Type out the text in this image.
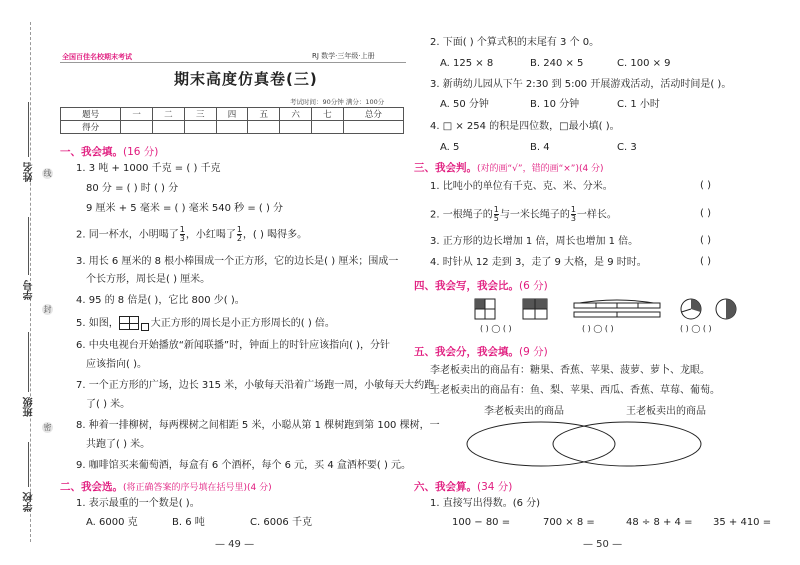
姓名
学号
班级
学校
线
封
密
全国百佳名校期末考试	RJ 数学·三年级·上册
期末高度仿真卷(三)
考试时间：90分钟 满分：100分
题号	一	二	三	四	五	六	七	总分
得分								
一、我会填。(16 分)
1. 3 吨 + 1000 千克 = ( ) 千克
80 分 = ( ) 时 ( ) 分
9 厘米 + 5 毫米 = ( ) 毫米 540 秒 = ( ) 分
2. 同一杯水，小明喝了 $\frac{1}{3}$ ，小红喝了 $\frac{1}{2}$ ，( ) 喝得多。
3. 用长 6 厘米的 8 根小棒围成一个正方形，它的边长是( ) 厘米；围成一
个长方形，周长是( ) 厘米。
4. 95 的 8 倍是( )，它比 800 少( )。
5. 如图，	大正方形的周长是小正方形周长的( ) 倍。
6. 中央电视台开始播放“新闻联播”时，钟面上的时针应该指向( )，分针
应该指向( )。
7. 一个正方形的广场，边长 315 米，小敏每天沿着广场跑一周，小敏每天大约跑
了( ) 米。
8. 种着一排柳树，每两棵树之间相距 5 米，小聪从第 1 棵树跑到第 100 棵树，一
共跑了( ) 米。
9. 咖啡馆买来葡萄酒，每盒有 6 个酒杯，每个 6 元，买 4 盒酒杯要( ) 元。
二、我会选。(将正确答案的序号填在括号里)(4 分)
1. 表示最重的一个数是( )。
A. 6000 克	B. 6 吨	C. 6006 千克
— 49 —
2. 下面( ) 个算式积的末尾有 3 个 0。
A. 125 × 8	B. 240 × 5	C. 100 × 9
3. 新萌幼儿园从下午 2:30 到 5:00 开展游戏活动，活动时间是( )。
A. 50 分钟	B. 10 分钟	C. 1 小时
4. □ × 254 的积是四位数，□最小填( )。
A. 5	B. 4	C. 3
三、我会判。(对的画“√”，错的画“×”)(4 分)
1. 比吨小的单位有千克、克、米、分米。	( )
2. 一根绳子的 $\frac{1}{5}$ 与一米长绳子的 $\frac{1}{3}$ 一样长。	( )
3. 正方形的边长增加 1 倍，周长也增加 1 倍。	( )
4. 时针从 12 走到 3，走了 9 大格，是 9 时时。	( )
四、我会写，我会比。(6 分)
( ) ◯ ( )	( ) ◯ ( )	( ) ◯ ( )
五、我会分，我会填。(9 分)
李老板卖出的商品有：糖果、香蕉、苹果、菠萝、萝卜、龙眼。
王老板卖出的商品有：鱼、梨、苹果、西瓜、香蕉、草莓、葡萄。
李老板卖出的商品	王老板卖出的商品
六、我会算。(34 分)
1. 直接写出得数。(6 分)
100 − 80 =	700 × 8 =	48 ÷ 8 + 4 = 35 + 410 =
— 50 —
